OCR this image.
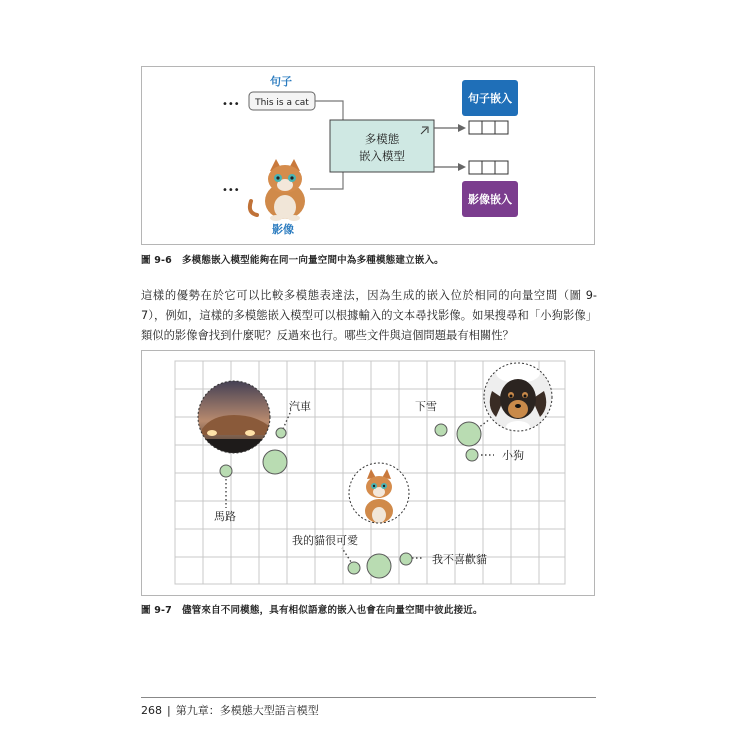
句子
••• This is a cat
•••
影像
多模態
嵌入模型
句子嵌入
影像嵌入
圖 9-6 多模態嵌入模型能夠在同一向量空間中為多種模態建立嵌入。

這樣的優勢在於它可以比較多模態表達法，因為生成的嵌入位於相同的向量空間（圖 9-7），例如，這樣的多模態嵌入模型可以根據輸入的文本尋找影像。如果搜尋和「小狗影像」類似的影像會找到什麼呢？反過來也行。哪些文件與這個問題最有相關性？

汽車
馬路
下雪
小狗
我的貓很可愛
我不喜歡貓
圖 9-7 儘管來自不同模態，具有相似語意的嵌入也會在向量空間中彼此接近。
268 | 第九章：多模態大型語言模型
